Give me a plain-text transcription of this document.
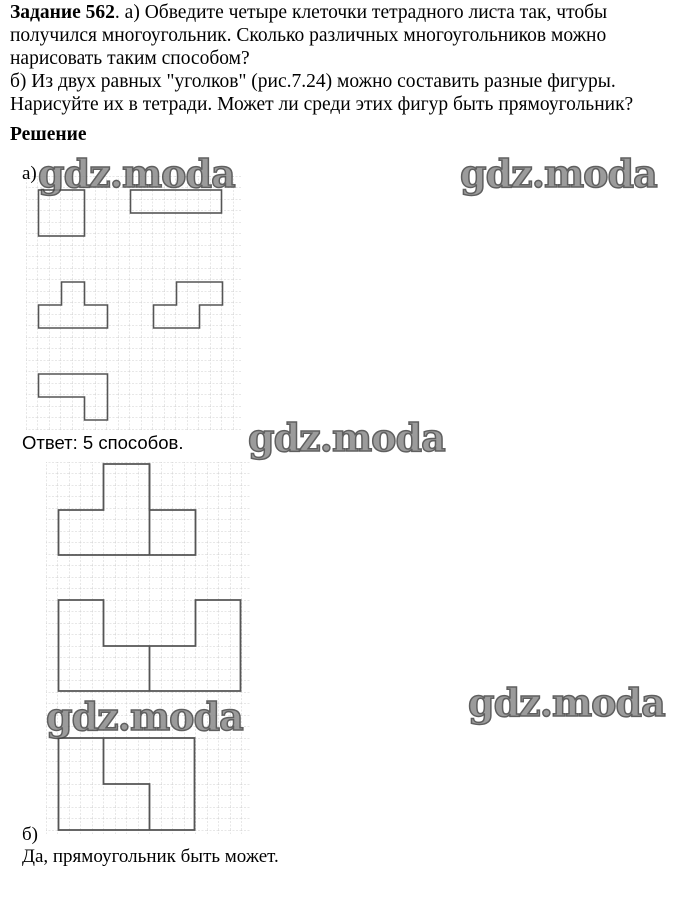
Задание 562. а) Обведите четыре клеточки тетрадного листа так, чтобы
получился многоугольник. Сколько различных многоугольников можно
нарисовать таким способом?
б) Из двух равных "уголков" (рис.7.24) можно составить разные фигуры.
Нарисуйте их в тетради. Может ли среди этих фигур быть прямоугольник?
Решение
а)
Ответ: 5 способов.
б)
Да, прямоугольник быть может.
gdz.moda	gdz.moda
gdz.moda
gdz.moda
gdz.moda
